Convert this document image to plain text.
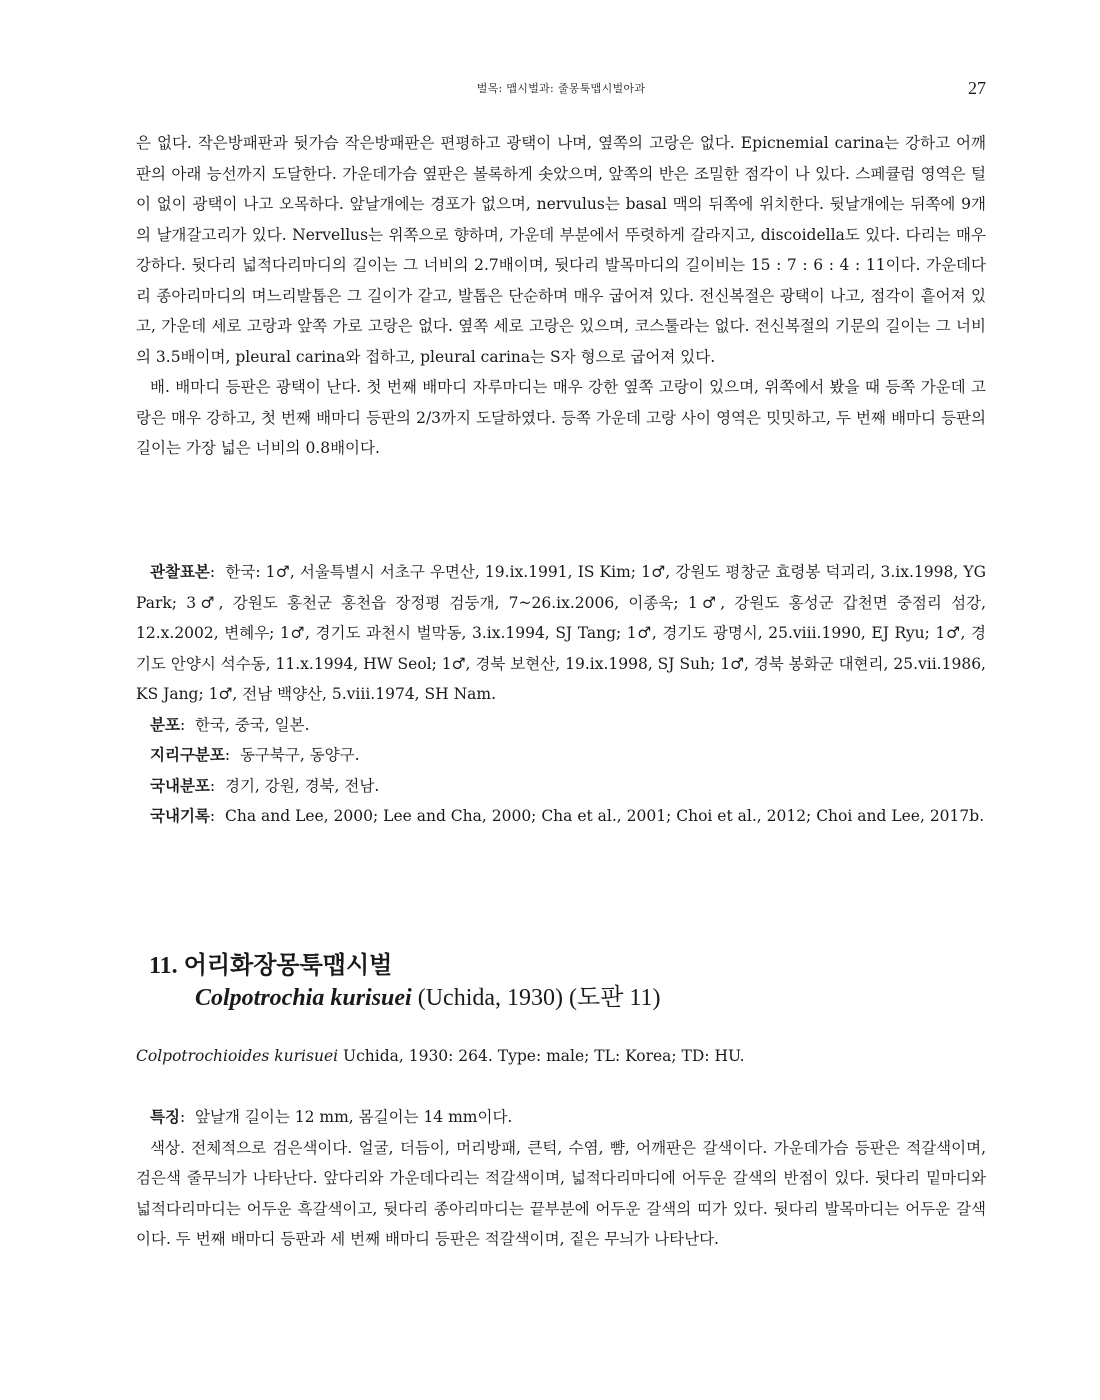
벌목: 맵시벌과: 줄몽툭맵시벌아과	27

은 없다. 작은방패판과 뒷가슴 작은방패판은 편평하고 광택이 나며, 옆쪽의 고랑은 없다. Epicnemial carina는 강하고 어깨판의 아래 능선까지 도달한다. 가운데가슴 옆판은 볼록하게 솟았으며, 앞쪽의 반은 조밀한 점각이 나 있다. 스페큘럼 영역은 털이 없이 광택이 나고 오목하다. 앞날개에는 경포가 없으며, nervulus는 basal 맥의 뒤쪽에 위치한다. 뒷날개에는 뒤쪽에 9개의 날개갈고리가 있다. Nervellus는 위쪽으로 향하며, 가운데 부분에서 뚜렷하게 갈라지고, discoidella도 있다. 다리는 매우 강하다. 뒷다리 넓적다리마디의 길이는 그 너비의 2.7배이며, 뒷다리 발목마디의 길이비는 15 : 7 : 6 : 4 : 11이다. 가운데다리 종아리마디의 며느리발톱은 그 길이가 같고, 발톱은 단순하며 매우 굽어져 있다. 전신복절은 광택이 나고, 점각이 흩어져 있고, 가운데 세로 고랑과 앞쪽 가로 고랑은 없다. 옆쪽 세로 고랑은 있으며, 코스툴라는 없다. 전신복절의 기문의 길이는 그 너비의 3.5배이며, pleural carina와 접하고, pleural carina는 S자 형으로 굽어져 있다.

배. 배마디 등판은 광택이 난다. 첫 번째 배마디 자루마디는 매우 강한 옆쪽 고랑이 있으며, 위쪽에서 봤을 때 등쪽 가운데 고랑은 매우 강하고, 첫 번째 배마디 등판의 2/3까지 도달하였다. 등쪽 가운데 고랑 사이 영역은 밋밋하고, 두 번째 배마디 등판의 길이는 가장 넓은 너비의 0.8배이다.

관찰표본:  한국: 1♂, 서울특별시 서초구 우면산, 19.ix.1991, IS Kim; 1♂, 강원도 평창군 효령봉 덕괴리, 3.ix.1998, YG Park; 3♂, 강원도 홍천군 홍천읍 장정평 검둥개, 7~26.ix.2006, 이종욱; 1♂, 강원도 홍성군 갑천면 중점리 섬강, 12.x.2002, 변혜우; 1♂, 경기도 과천시 벌막동, 3.ix.1994, SJ Tang; 1♂, 경기도 광명시, 25.viii.1990, EJ Ryu; 1♂, 경기도 안양시 석수동, 11.x.1994, HW Seol; 1♂, 경북 보현산, 19.ix.1998, SJ Suh; 1♂, 경북 봉화군 대현리, 25.vii.1986, KS Jang; 1♂, 전남 백양산, 5.viii.1974, SH Nam.

분포:  한국, 중국, 일본.

지리구분포:  동구북구, 동양구.

국내분포:  경기, 강원, 경북, 전남.

국내기록:  Cha and Lee, 2000; Lee and Cha, 2000; Cha et al., 2001; Choi et al., 2012; Choi and Lee, 2017b.

11. 어리화장몽툭맵시벌
Colpotrochia kurisuei (Uchida, 1930) (도판 11)

Colpotrochioides kurisuei Uchida, 1930: 264. Type: male; TL: Korea; TD: HU.

특징:  앞날개 길이는 12 mm, 몸길이는 14 mm이다.

색상. 전체적으로 검은색이다. 얼굴, 더듬이, 머리방패, 큰턱, 수염, 뺨, 어깨판은 갈색이다. 가운데가슴 등판은 적갈색이며, 검은색 줄무늬가 나타난다. 앞다리와 가운데다리는 적갈색이며, 넓적다리마디에 어두운 갈색의 반점이 있다. 뒷다리 밑마디와 넓적다리마디는 어두운 흑갈색이고, 뒷다리 종아리마디는 끝부분에 어두운 갈색의 띠가 있다. 뒷다리 발목마디는 어두운 갈색이다. 두 번째 배마디 등판과 세 번째 배마디 등판은 적갈색이며, 짙은 무늬가 나타난다.
